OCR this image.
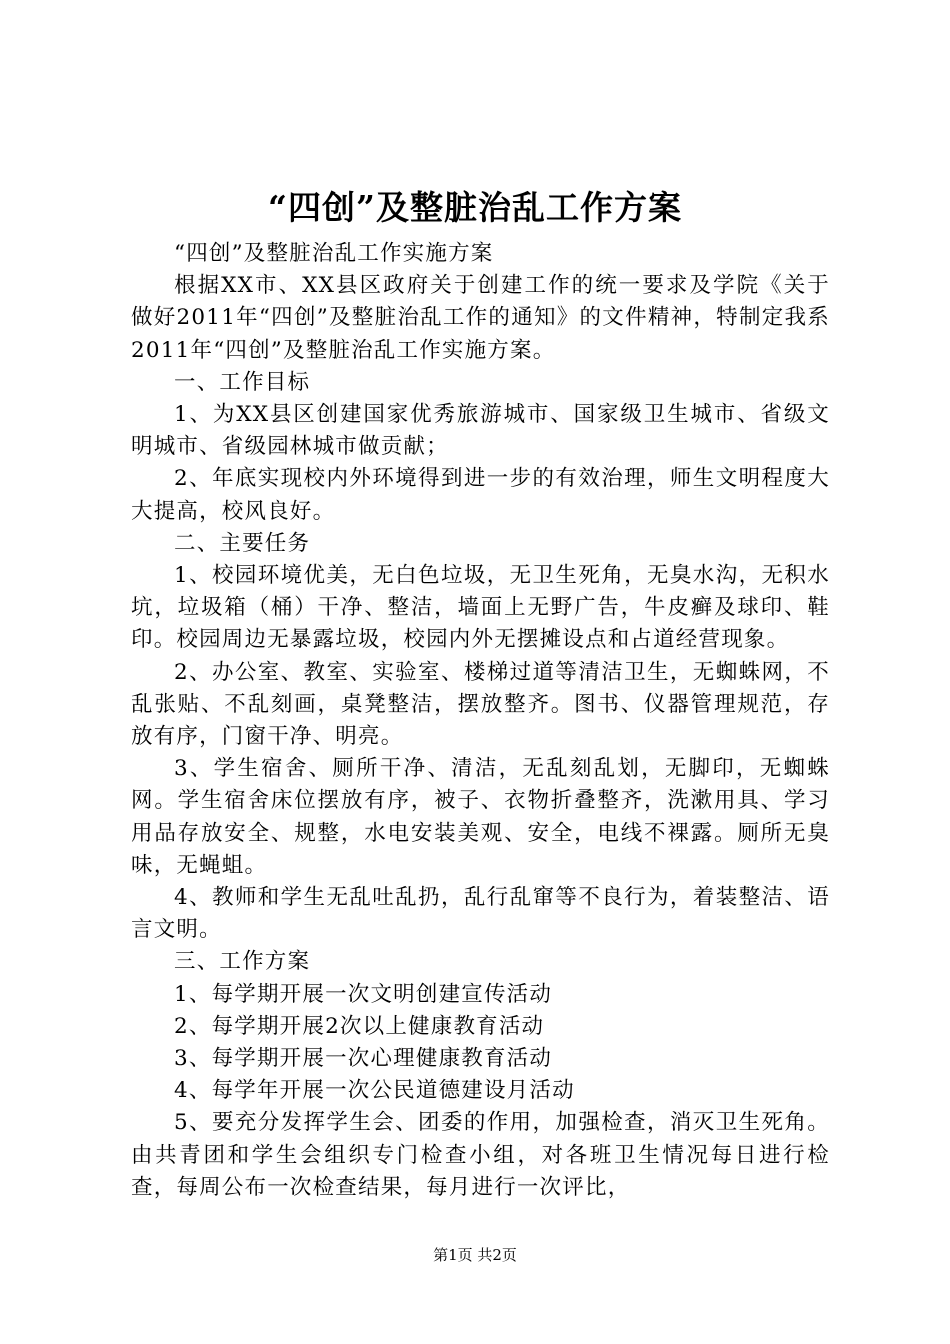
“四创”及整脏治乱工作方案

“四创”及整脏治乱工作实施方案

根据XX市、XX县区政府关于创建工作的统一要求及学院《关于做好2011年“四创”及整脏治乱工作的通知》的文件精神，特制定我系2011年“四创”及整脏治乱工作实施方案。

一、工作目标

1、为XX县区创建国家优秀旅游城市、国家级卫生城市、省级文明城市、省级园林城市做贡献；

2、年底实现校内外环境得到进一步的有效治理，师生文明程度大大提高，校风良好。

二、主要任务

1、校园环境优美，无白色垃圾，无卫生死角，无臭水沟，无积水坑，垃圾箱（桶）干净、整洁，墙面上无野广告，牛皮癣及球印、鞋印。校园周边无暴露垃圾，校园内外无摆摊设点和占道经营现象。

2、办公室、教室、实验室、楼梯过道等清洁卫生，无蜘蛛网，不乱张贴、不乱刻画，桌凳整洁，摆放整齐。图书、仪器管理规范，存放有序，门窗干净、明亮。

3、学生宿舍、厕所干净、清洁，无乱刻乱划，无脚印，无蜘蛛网。学生宿舍床位摆放有序，被子、衣物折叠整齐，洗漱用具、学习用品存放安全、规整，水电安装美观、安全，电线不裸露。厕所无臭味，无蝇蛆。

4、教师和学生无乱吐乱扔，乱行乱窜等不良行为，着装整洁、语言文明。

三、工作方案

1、每学期开展一次文明创建宣传活动

2、每学期开展2次以上健康教育活动

3、每学期开展一次心理健康教育活动

4、每学年开展一次公民道德建设月活动

5、要充分发挥学生会、团委的作用，加强检查，消灭卫生死角。由共青团和学生会组织专门检查小组，对各班卫生情况每日进行检查，每周公布一次检查结果，每月进行一次评比，

第1页 共2页
